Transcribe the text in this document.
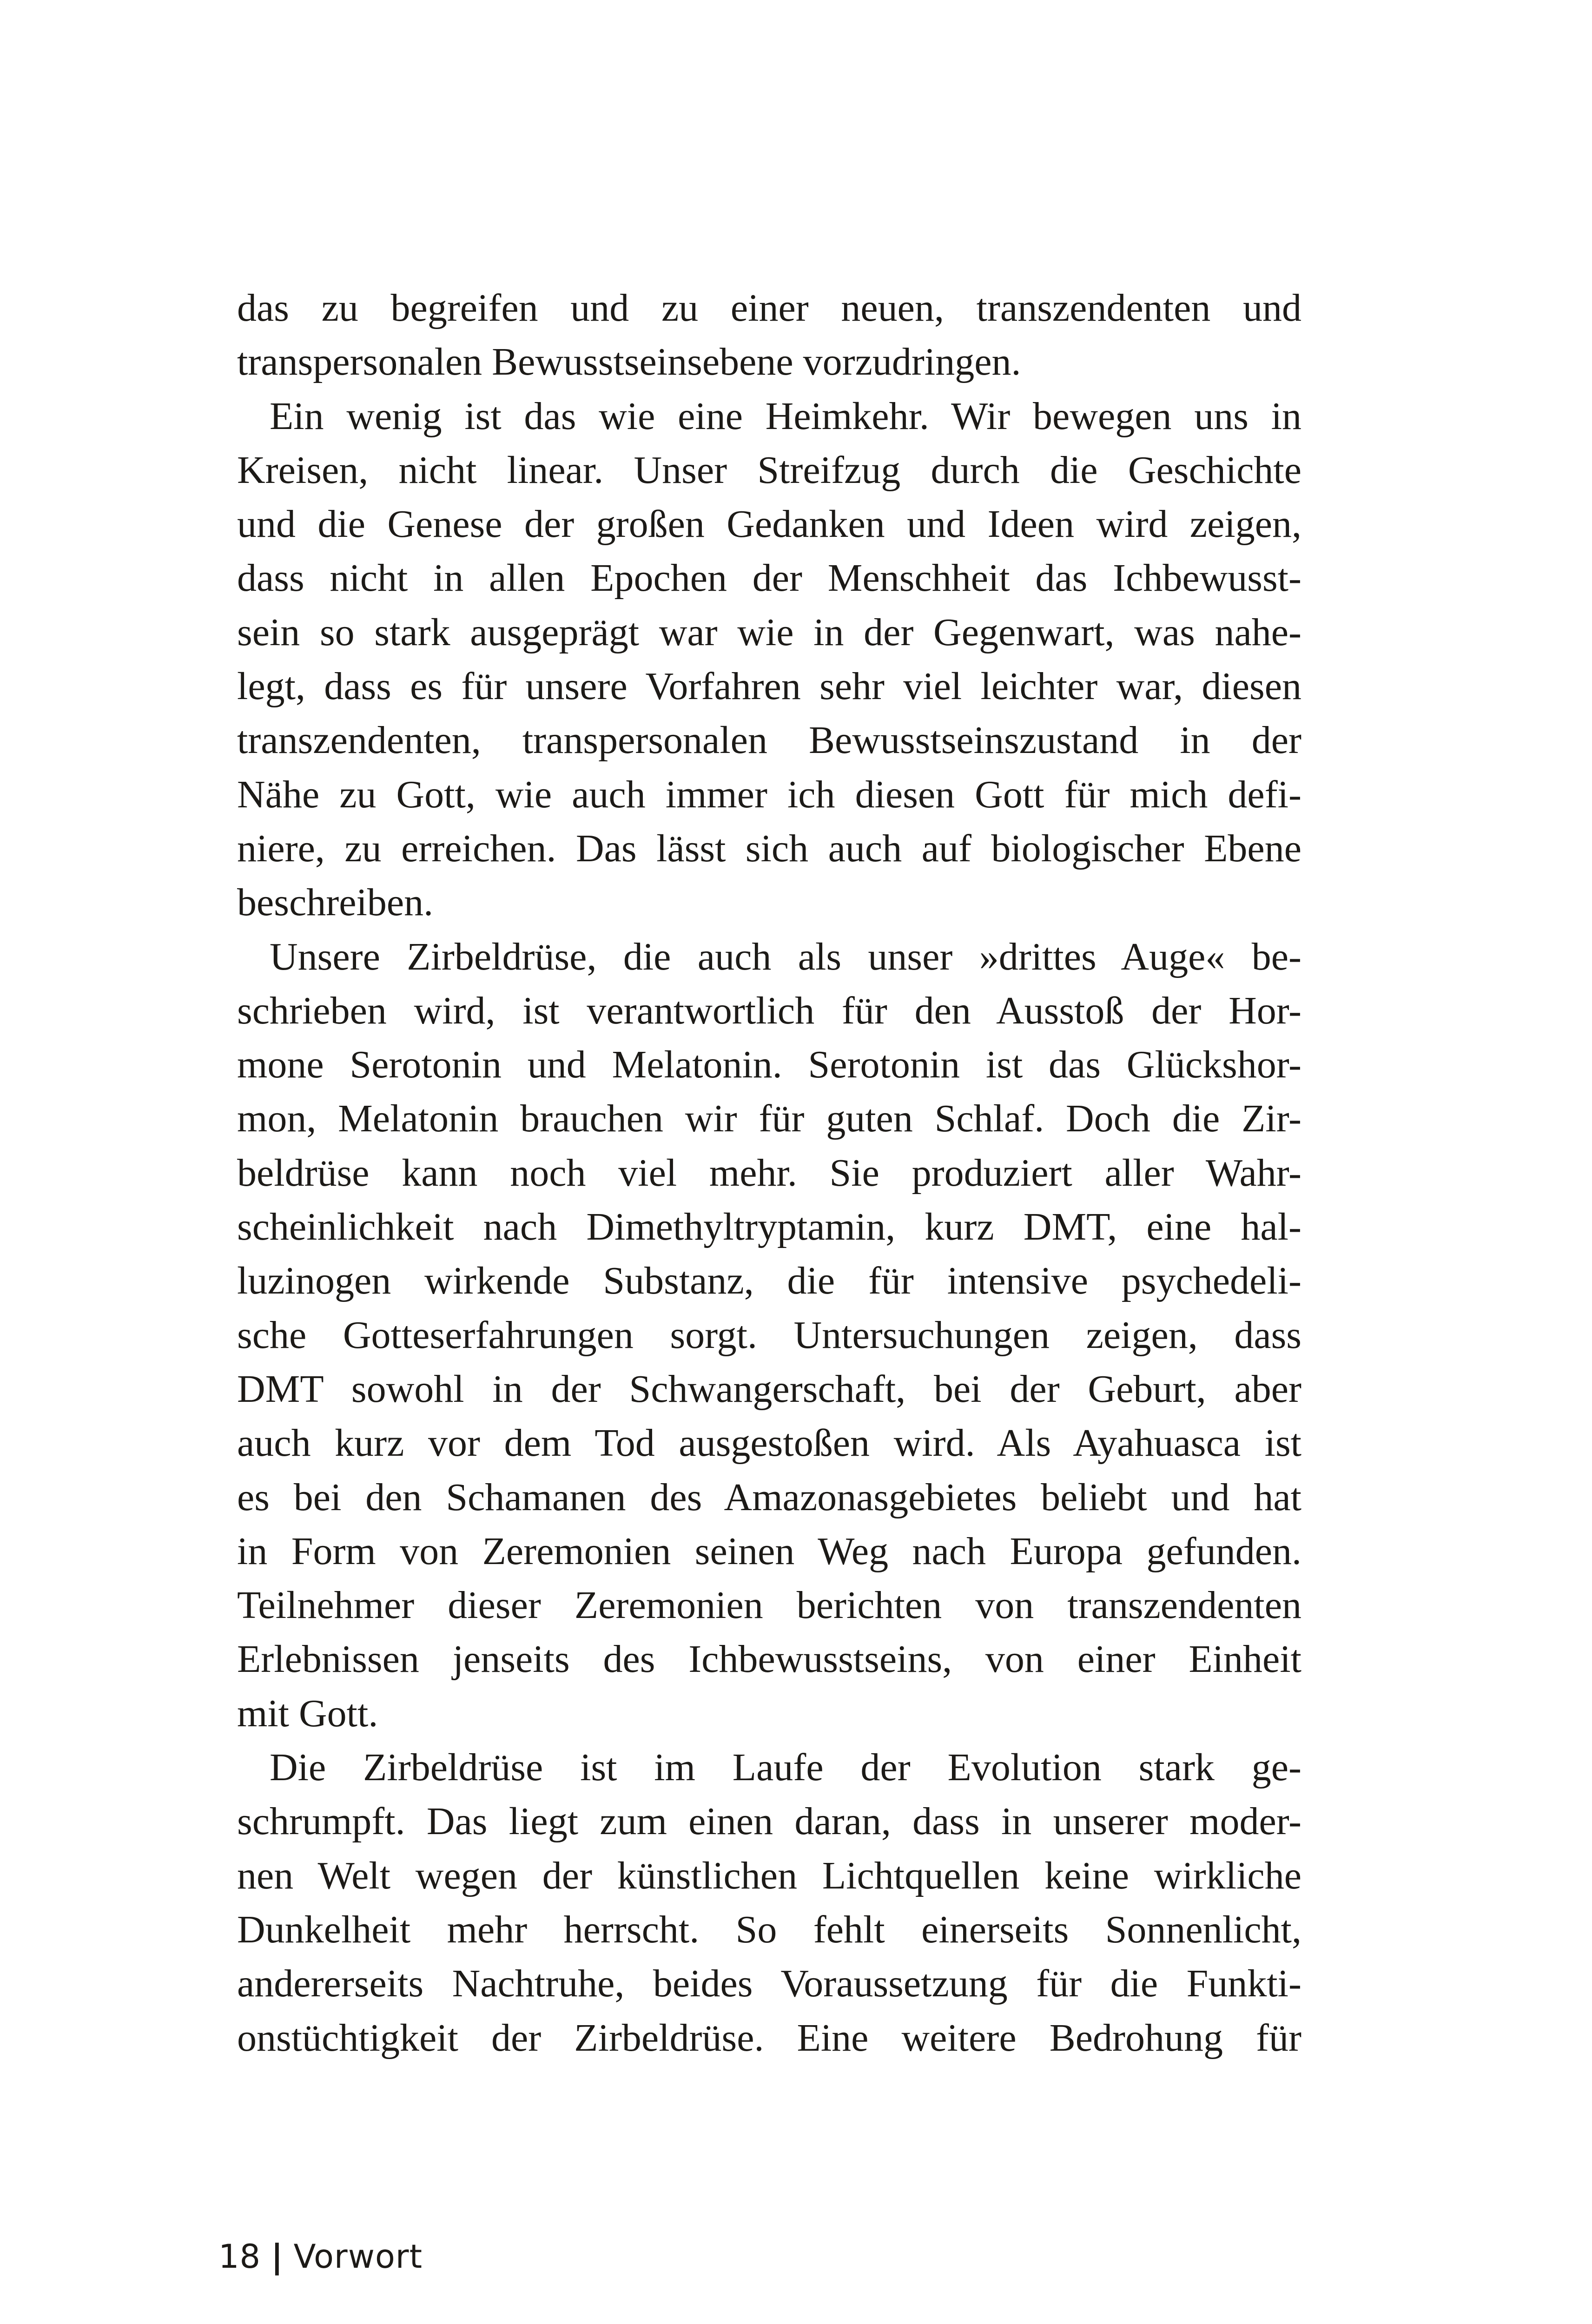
das zu begreifen und zu einer neuen, transzendenten und
transpersonalen Bewusstseinsebene vorzudringen.
Ein wenig ist das wie eine Heimkehr. Wir bewegen uns in
Kreisen, nicht linear. Unser Streifzug durch die Geschichte
und die Genese der großen Gedanken und Ideen wird zeigen,
dass nicht in allen Epochen der Menschheit das Ichbewusst-
sein so stark ausgeprägt war wie in der Gegenwart, was nahe-
legt, dass es für unsere Vorfahren sehr viel leichter war, diesen
transzendenten, transpersonalen Bewusstseinszustand in der
Nähe zu Gott, wie auch immer ich diesen Gott für mich defi-
niere, zu erreichen. Das lässt sich auch auf biologischer Ebene
beschreiben.
Unsere Zirbeldrüse, die auch als unser »drittes Auge« be-
schrieben wird, ist verantwortlich für den Ausstoß der Hor-
mone Serotonin und Melatonin. Serotonin ist das Glückshor-
mon, Melatonin brauchen wir für guten Schlaf. Doch die Zir-
beldrüse kann noch viel mehr. Sie produziert aller Wahr-
scheinlichkeit nach Dimethyltryptamin, kurz DMT, eine hal-
luzinogen wirkende Substanz, die für intensive psychedeli-
sche Gotteserfahrungen sorgt. Untersuchungen zeigen, dass
DMT sowohl in der Schwangerschaft, bei der Geburt, aber
auch kurz vor dem Tod ausgestoßen wird. Als Ayahuasca ist
es bei den Schamanen des Amazonasgebietes beliebt und hat
in Form von Zeremonien seinen Weg nach Europa gefunden.
Teilnehmer dieser Zeremonien berichten von transzendenten
Erlebnissen jenseits des Ichbewusstseins, von einer Einheit
mit Gott.
Die Zirbeldrüse ist im Laufe der Evolution stark ge-
schrumpft. Das liegt zum einen daran, dass in unserer moder-
nen Welt wegen der künstlichen Lichtquellen keine wirkliche
Dunkelheit mehr herrscht. So fehlt einerseits Sonnenlicht,
andererseits Nachtruhe, beides Voraussetzung für die Funkti-
onstüchtigkeit der Zirbeldrüse. Eine weitere Bedrohung für
18 | Vorwort
